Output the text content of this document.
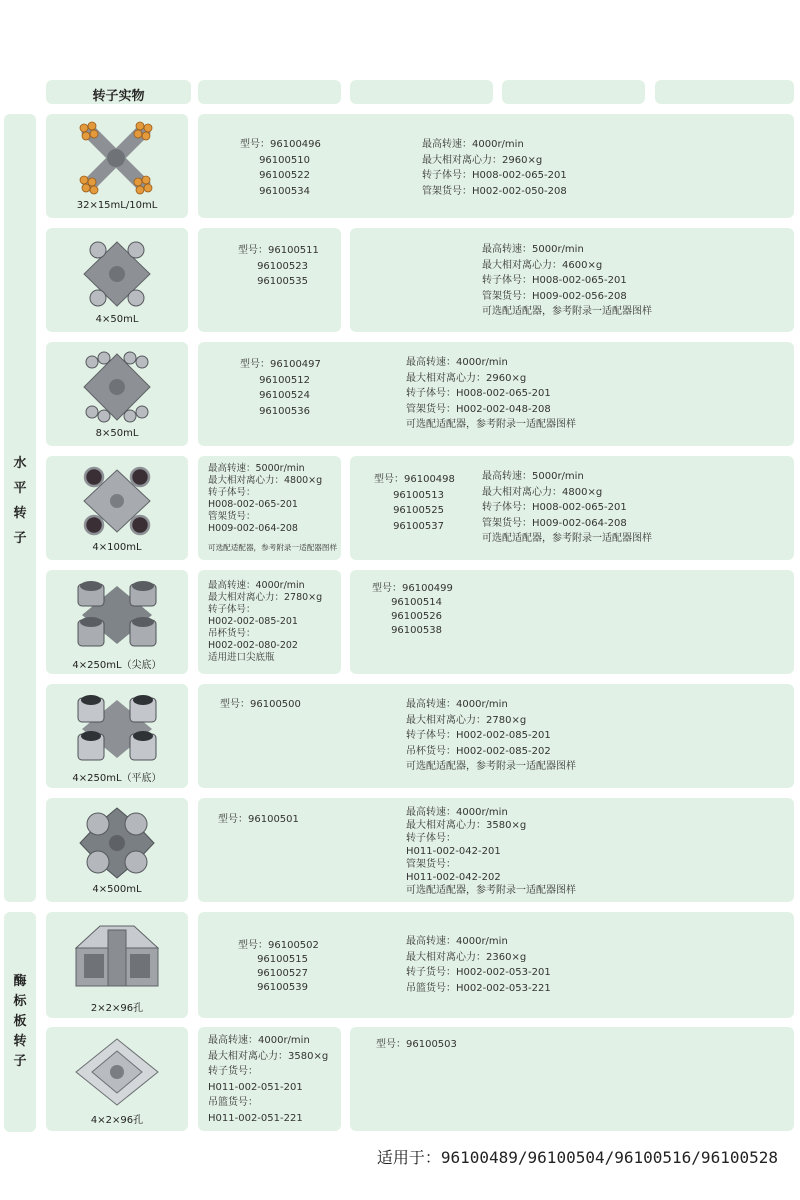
转子实物
水
平
转
子
酶
标
板
转
子
32×15mL/10mL
型号：96100496
96100510
96100522
96100534
最高转速：4000r/min
最大相对离心力：2960×g
转子体号：H008-002-065-201
管架货号：H002-002-050-208
4×50mL
型号：96100511
96100523
96100535
最高转速：5000r/min
最大相对离心力：4600×g
转子体号：H008-002-065-201
管架货号：H009-002-056-208
可选配适配器，参考附录一适配器图样
8×50mL
型号：96100497
96100512
96100524
96100536
最高转速：4000r/min
最大相对离心力：2960×g
转子体号：H008-002-065-201
管架货号：H002-002-048-208
可选配适配器，参考附录一适配器图样
4×100mL
最高转速：5000r/min
最大相对离心力：4800×g
转子体号：
H008-002-065-201
管架货号：
H009-002-064-208
可选配适配器，参考附录一适配器图样
型号：96100498
96100513
96100525
96100537
最高转速：5000r/min
最大相对离心力：4800×g
转子体号：H008-002-065-201
管架货号：H009-002-064-208
可选配适配器，参考附录一适配器图样
4×250mL（尖底）
最高转速：4000r/min
最大相对离心力：2780×g
转子体号：
H002-002-085-201
吊杯货号：
H002-002-080-202
适用进口尖底瓶
型号：96100499
96100514
96100526
96100538
4×250mL（平底）
型号：96100500	最高转速：4000r/min
最大相对离心力：2780×g
转子体号：H002-002-085-201
吊杯货号：H002-002-085-202
可选配适配器，参考附录一适配器图样
4×500mL
型号：96100501
最高转速：4000r/min
最大相对离心力：3580×g
转子体号：
H011-002-042-201
管架货号：
H011-002-042-202
可选配适配器，参考附录一适配器图样
2×2×96孔
型号：96100502
96100515
96100527
96100539
最高转速：4000r/min
最大相对离心力：2360×g
转子货号：H002-002-053-201
吊篮货号：H002-002-053-221
4×2×96孔
最高转速：4000r/min
最大相对离心力：3580×g
转子货号：
H011-002-051-201
吊篮货号：
H011-002-051-221
型号：96100503
适用于：96100489/96100504/96100516/96100528
